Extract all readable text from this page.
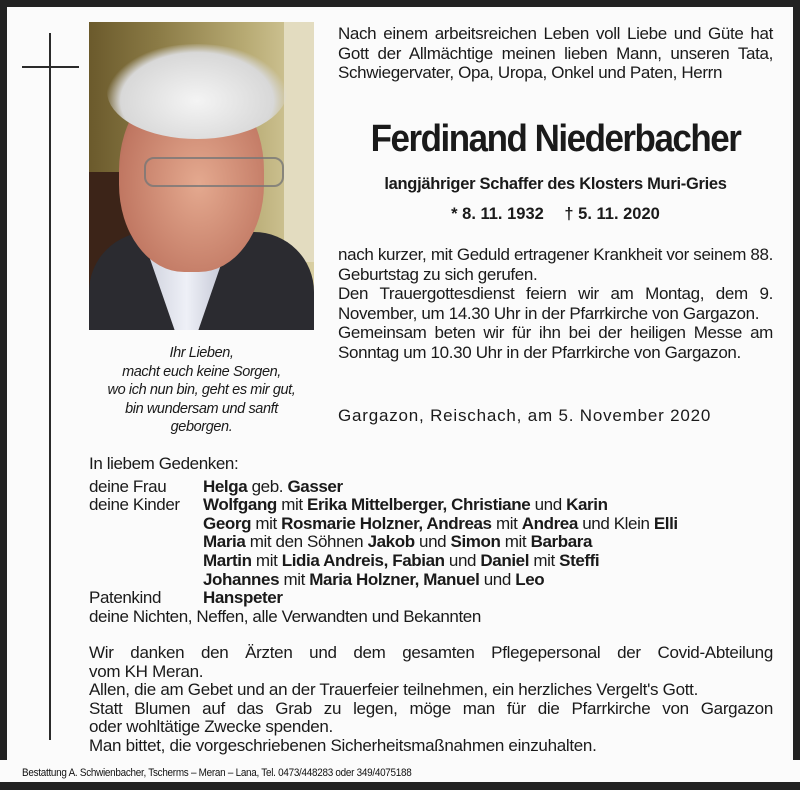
Ihr Lieben,
macht euch keine Sorgen,
wo ich nun bin, geht es mir gut,
bin wundersam und sanft
geborgen.
Nach einem arbeitsreichen Leben voll Liebe und Güte hat Gott der Allmächtige meinen lieben Mann, unseren Tata, Schwiegervater, Opa, Uropa, Onkel und Paten, Herrn
Ferdinand Niederbacher
langjähriger Schaffer des Klosters Muri-Gries
* 8. 11. 1932 † 5. 11. 2020
nach kurzer, mit Geduld ertragener Krankheit vor seinem 88. Geburtstag zu sich gerufen.
Den Trauergottesdienst feiern wir am Montag, dem 9. November, um 14.30 Uhr in der Pfarrkirche von Gargazon.
Gemeinsam beten wir für ihn bei der heiligen Messe am Sonntag um 10.30 Uhr in der Pfarrkirche von Gargazon.
Gargazon, Reischach, am 5. November 2020
In liebem Gedenken:
deine Frau	Helga geb. Gasser
deine Kinder	Wolfgang mit Erika Mittelberger, Christiane und Karin
Georg mit Rosmarie Holzner, Andreas mit Andrea und Klein Elli
Maria mit den Söhnen Jakob und Simon mit Barbara
Martin mit Lidia Andreis, Fabian und Daniel mit Steffi
Johannes mit Maria Holzner, Manuel und Leo
Patenkind	Hanspeter
deine Nichten, Neffen, alle Verwandten und Bekannten
Wir danken den Ärzten und dem gesamten Pflegepersonal der Covid-Abteilung
vom KH Meran.
Allen, die am Gebet und an der Trauerfeier teilnehmen, ein herzliches Vergelt's Gott.
Statt Blumen auf das Grab zu legen, möge man für die Pfarrkirche von Gargazon
oder wohltätige Zwecke spenden.
Man bittet, die vorgeschriebenen Sicherheitsmaßnahmen einzuhalten.
Bestattung A. Schwienbacher, Tscherms – Meran – Lana, Tel. 0473/448283 oder 349/4075188
